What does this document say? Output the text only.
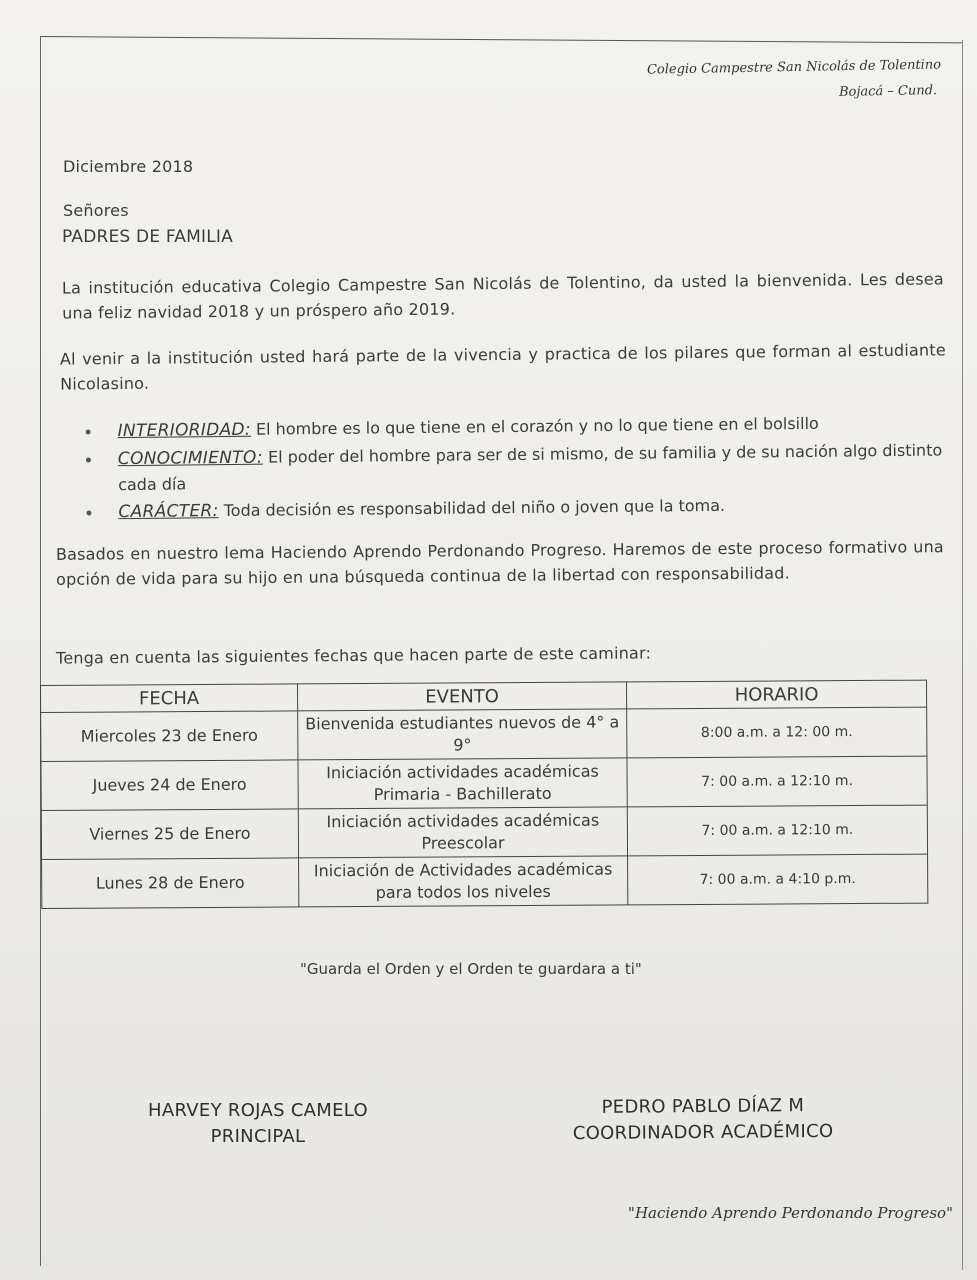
Colegio Campestre San Nicolás de Tolentino
Bojacá – Cund.
Diciembre 2018
Señores
PADRES DE FAMILIA
La institución educativa Colegio Campestre San Nicolás de Tolentino, da usted la bienvenida. Les desea una feliz navidad 2018 y un próspero año 2019.
Al venir a la institución usted hará parte de la vivencia y practica de los pilares que forman al estudiante Nicolasino.
INTERIORIDAD: El hombre es lo que tiene en el corazón y no lo que tiene en el bolsillo
CONOCIMIENTO: El poder del hombre para ser de si mismo, de su familia y de su nación algo distinto cada día
CARÁCTER: Toda decisión es responsabilidad del niño o joven que la toma.
Basados en nuestro lema Haciendo Aprendo Perdonando Progreso. Haremos de este proceso formativo una opción de vida para su hijo en una búsqueda continua de la libertad con responsabilidad.
Tenga en cuenta las siguientes fechas que hacen parte de este caminar:
FECHA	EVENTO	HORARIO
Miercoles 23 de Enero	Bienvenida estudiantes nuevos de 4° a 9°	8:00 a.m. a 12: 00 m.
Jueves 24 de Enero	Iniciación actividades académicas Primaria - Bachillerato	7: 00 a.m. a 12:10 m.
Viernes 25 de Enero	Iniciación actividades académicas Preescolar	7: 00 a.m. a 12:10 m.
Lunes 28 de Enero	Iniciación de Actividades académicas para todos los niveles	7: 00 a.m. a 4:10 p.m.
"Guarda el Orden y el Orden te guardara a ti"
HARVEY ROJAS CAMELO
PRINCIPAL
PEDRO PABLO DÍAZ M
COORDINADOR ACADÉMICO
"Haciendo Aprendo Perdonando Progreso"
